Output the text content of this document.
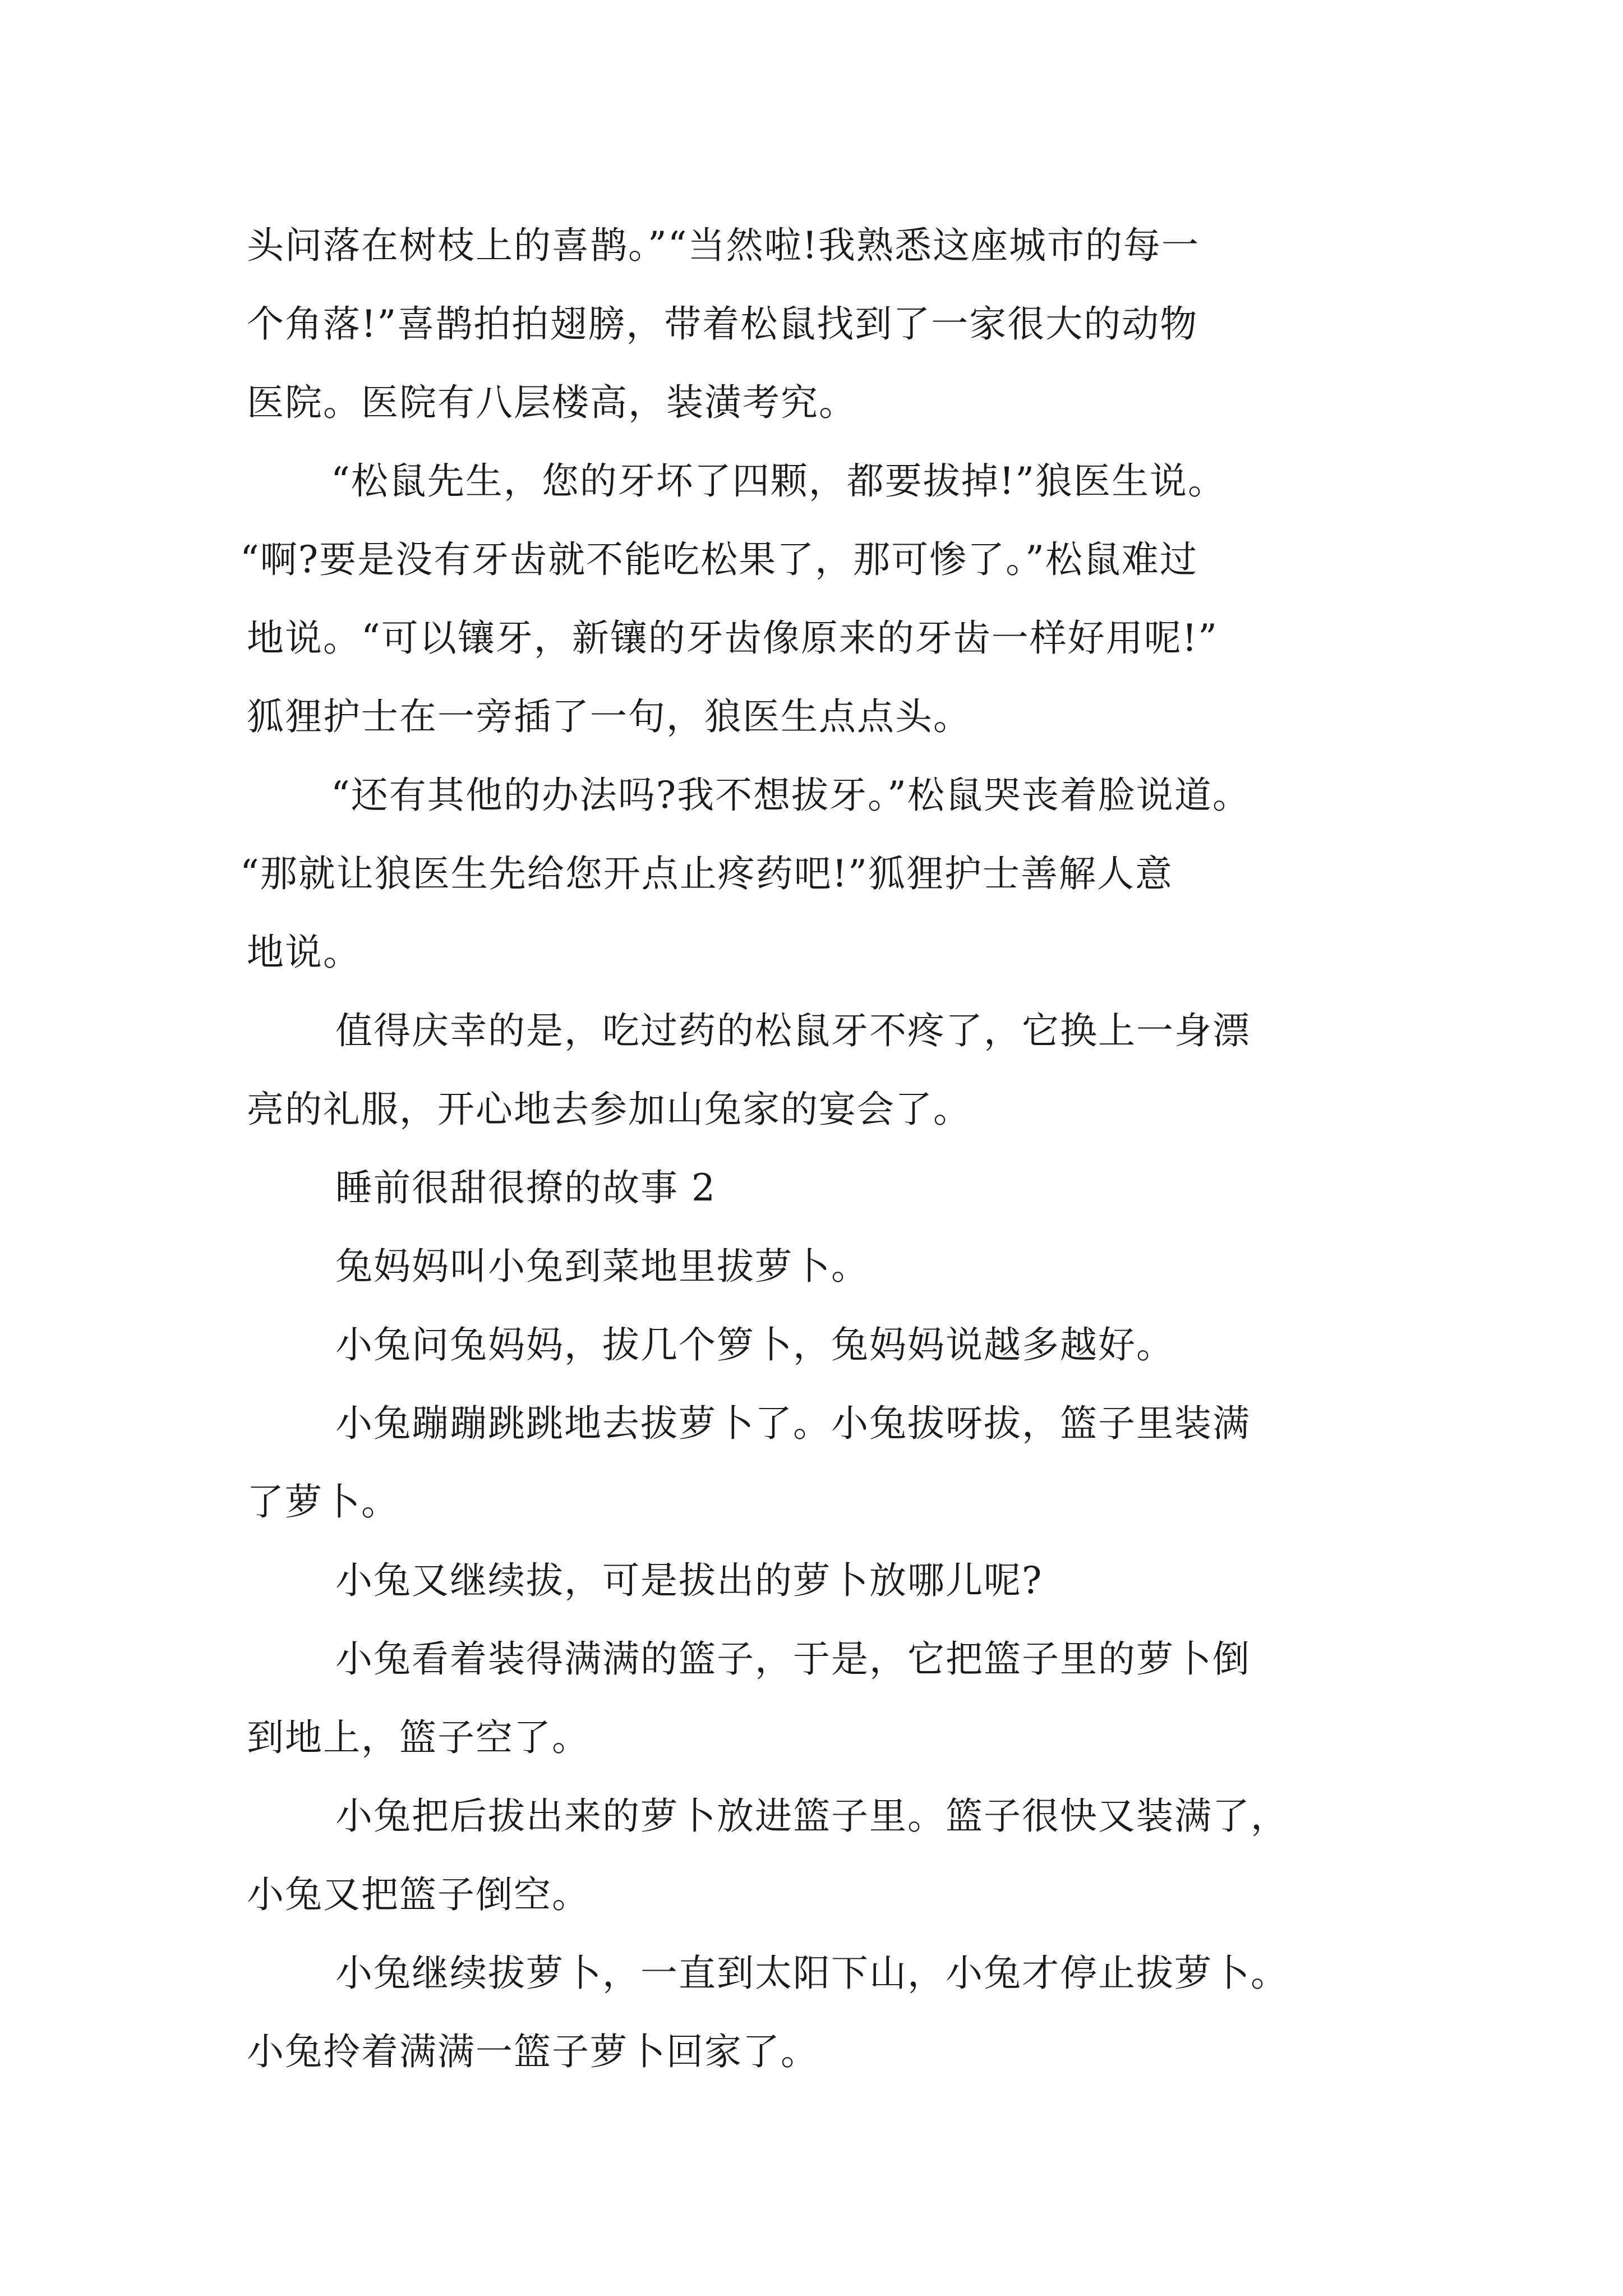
头问落在树枝上的喜鹊。”“当然啦!我熟悉这座城市的每一
个角落!”喜鹊拍拍翅膀，带着松鼠找到了一家很大的动物
医院。医院有八层楼高，装潢考究。
“松鼠先生，您的牙坏了四颗，都要拔掉!”狼医生说。
“啊?要是没有牙齿就不能吃松果了，那可惨了。”松鼠难过
地说。“可以镶牙，新镶的牙齿像原来的牙齿一样好用呢!”
狐狸护士在一旁插了一句，狼医生点点头。
“还有其他的办法吗?我不想拔牙。”松鼠哭丧着脸说道。
“那就让狼医生先给您开点止疼药吧!”狐狸护士善解人意
地说。
值得庆幸的是，吃过药的松鼠牙不疼了，它换上一身漂
亮的礼服，开心地去参加山兔家的宴会了。
睡前很甜很撩的故事 2
兔妈妈叫小兔到菜地里拔萝卜。
小兔问兔妈妈，拔几个箩卜，兔妈妈说越多越好。
小兔蹦蹦跳跳地去拔萝卜了。小兔拔呀拔，篮子里装满
了萝卜。
小兔又继续拔，可是拔出的萝卜放哪儿呢?
小兔看着装得满满的篮子，于是，它把篮子里的萝卜倒
到地上，篮子空了。
小兔把后拔出来的萝卜放进篮子里。篮子很快又装满了，
小兔又把篮子倒空。
小兔继续拔萝卜，一直到太阳下山，小兔才停止拔萝卜。
小兔拎着满满一篮子萝卜回家了。
